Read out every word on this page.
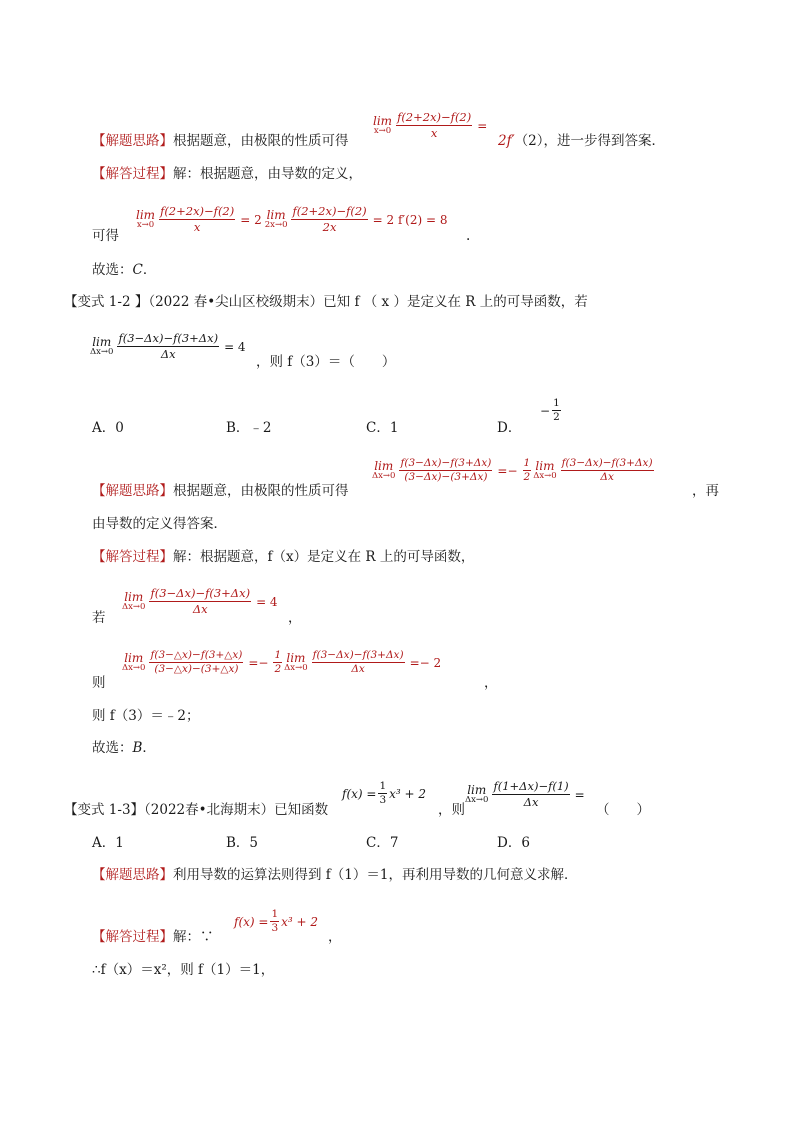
【解题思路】根据题意，由极限的性质可得
lim
$x\to 0 \frac{f(2+2x)-f(2)}{x}$ =
2f′（2），进一步得到答案．
【解答过程】解：根据题意，由导数的定义，
可得
lim
$x\to 0 \frac{f(2+2x)-f(2)}{x} = 2$ lim
$2x\to 0 \frac{f(2+2x)-f(2)}{2x} = 2$ f′(2) = 8
.
故选：C．
【变式 1-2 】（2022 春•尖山区校级期末）已知 f （ x ）是定义在 R 上的可导函数，若
lim
$\Delta x\to 0 \frac{f(3-\Delta x)-f(3+\Delta x)}{\Delta x} = 4$
，则 f（3）＝（　　）
A．0	B．﹣2	C．1	D．
− $\frac{1}{2}$
【解题思路】根据题意，由极限的性质可得
lim
$\Delta x\to 0 \frac{f(3-\Delta x)-f(3+\Delta x)}{(3-\Delta x)-(3+\Delta x)} =- \frac{1}{2}$ lim
$\Delta x\to 0 \frac{f(3-\Delta x)-f(3+\Delta x)}{\Delta x}$
，再
由导数的定义得答案．
【解答过程】解：根据题意，f（x）是定义在 R 上的可导函数，
若
lim
$\Delta x\to 0 \frac{f(3-\Delta x)-f(3+\Delta x)}{\Delta x} = 4$
，
则
lim
$\Delta x\to 0 \frac{f(3-\triangle x)-f(3+\triangle x)}{(3-\triangle x)-(3+\triangle x)} =- \frac{1}{2}$ lim
$\Delta x\to 0 \frac{f(3-\Delta x)-f(3+\Delta x)}{\Delta x} =- 2$
，
则 f（3）＝﹣2；
故选：B．
【变式 1-3】（2022春•北海期末）已知函数
$f(x) = \frac{1}{3} x^3 + 2$
，则
lim
$\Delta x\to 0 \frac{f(1+\Delta x)-f(1)}{\Delta x}$ =
（　　）
A．1	B．5	C．7	D．6
【解题思路】利用导数的运算法则得到 f（1）＝1，再利用导数的几何意义求解．
【解答过程】解：∵
$f(x) = \frac{1}{3} x^3 + 2$
，
∴f（x）＝x²，则 f（1）＝1，
